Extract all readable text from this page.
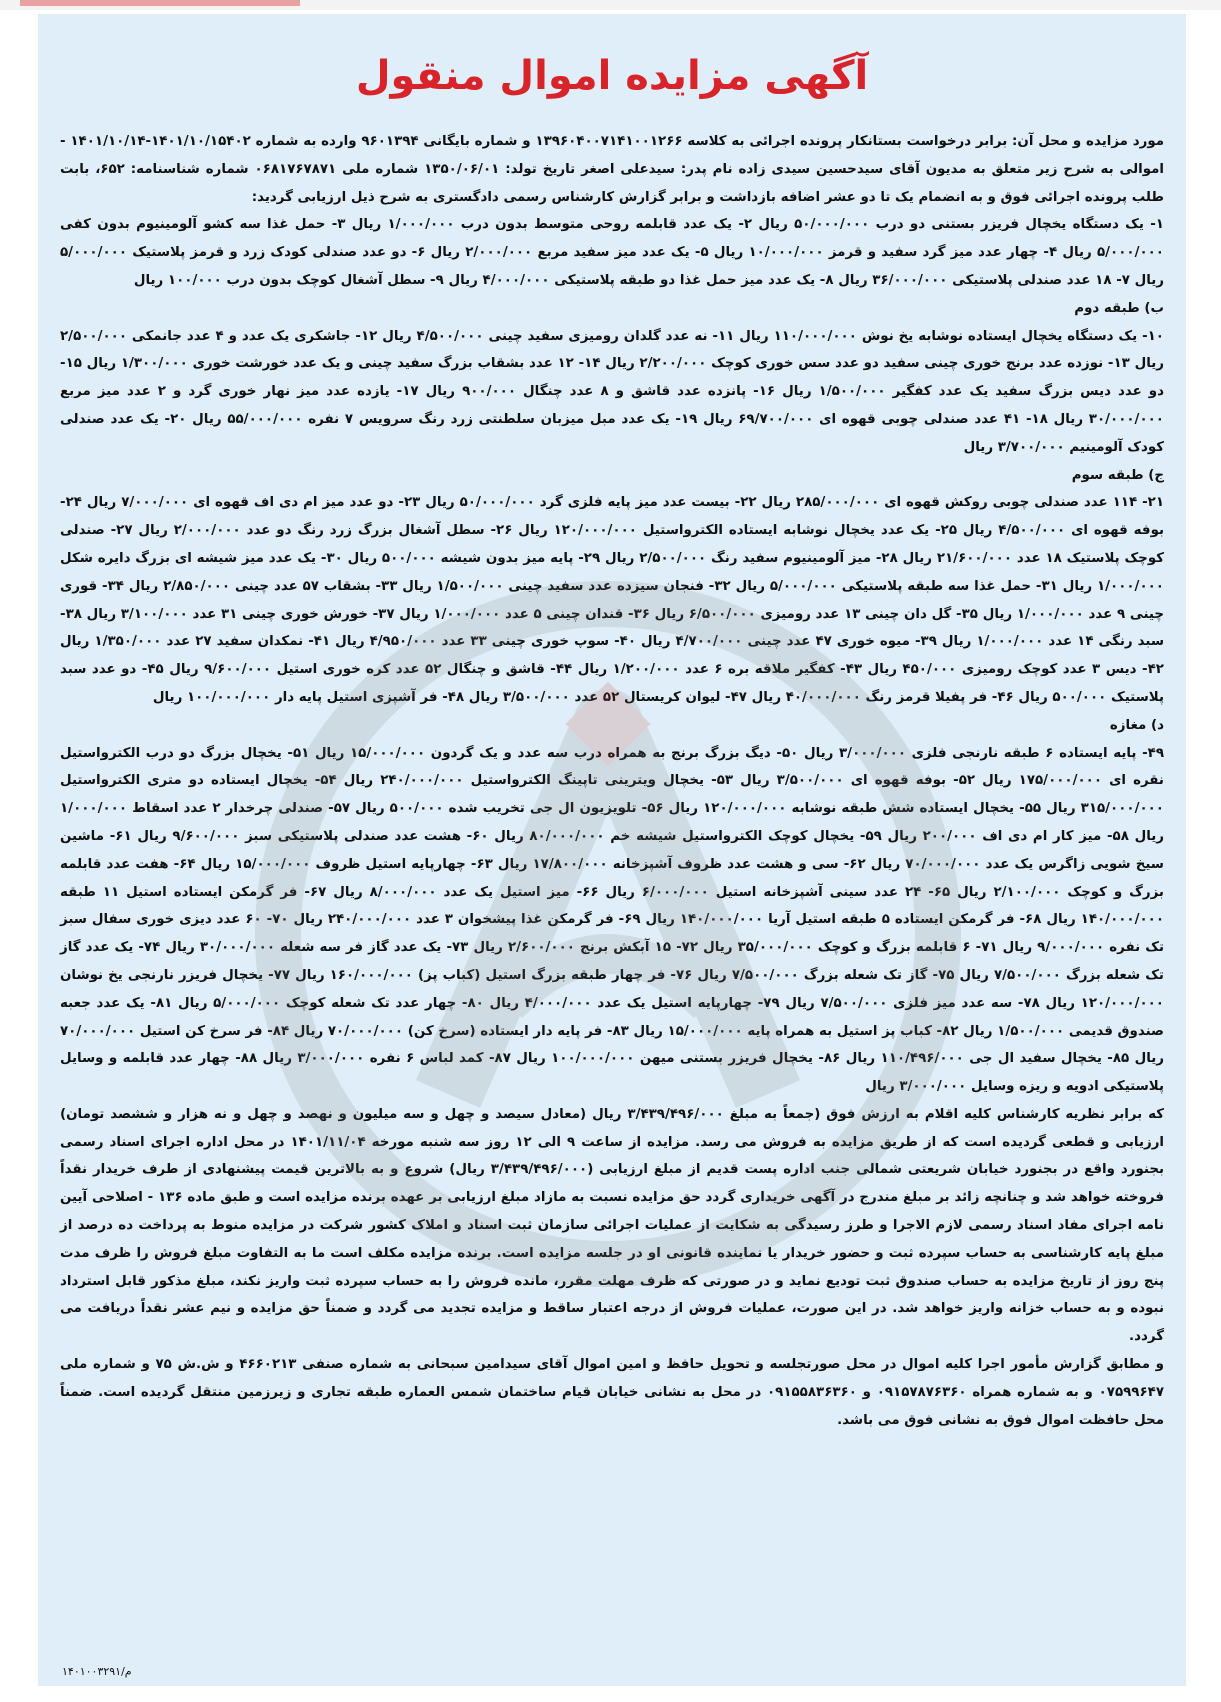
آگهی مزایده اموال منقول

مورد مزایده و محل آن: برابر درخواست بستانکار پرونده اجرائی به کلاسه ۱۳۹۶۰۴۰۰۷۱۴۱۰۰۱۲۶۶ و شماره بایگانی ۹۶۰۱۳۹۴ وارده به شماره ۱۴۰۱/۱۰/۱۵۴۰۲-۱۴۰۱/۱۰/۱۴ - اموالی به شرح زیر متعلق به مدیون آقای سیدحسین سیدی زاده نام پدر: سیدعلی اصغر تاریخ تولد: ۱۳۵۰/۰۶/۰۱ شماره ملی ۰۶۸۱۷۶۷۸۷۱ شماره شناسنامه: ۶۵۲، بابت طلب پرونده اجرائی فوق و به انضمام یک تا دو عشر اضافه بازداشت و برابر گزارش کارشناس رسمی دادگستری به شرح ذیل ارزیابی گردید:

۱- یک دستگاه یخچال فریزر بستنی دو درب ۵۰/۰۰۰/۰۰۰ ریال ۲- یک عدد قابلمه روحی متوسط بدون درب ۱/۰۰۰/۰۰۰ ریال ۳- حمل غذا سه کشو آلومینیوم بدون کفی ۵/۰۰۰/۰۰۰ ریال ۴- چهار عدد میز گرد سفید و قرمز ۱۰/۰۰۰/۰۰۰ ریال ۵- یک عدد میز سفید مربع ۲/۰۰۰/۰۰۰ ریال ۶- دو عدد صندلی کودک زرد و قرمز پلاستیک ۵/۰۰۰/۰۰۰ ریال ۷- ۱۸ عدد صندلی پلاستیکی ۳۶/۰۰۰/۰۰۰ ریال ۸- یک عدد میز حمل غذا دو طبقه پلاستیکی ۴/۰۰۰/۰۰۰ ریال ۹- سطل آشغال کوچک بدون درب ۱۰۰/۰۰۰ ریال

ب) طبقه دوم

۱۰- یک دستگاه یخچال ایستاده نوشابه یخ نوش ۱۱۰/۰۰۰/۰۰۰ ریال ۱۱- نه عدد گلدان رومیزی سفید چینی ۴/۵۰۰/۰۰۰ ریال ۱۲- جاشکری یک عدد و ۴ عدد جانمکی ۲/۵۰۰/۰۰۰ ریال ۱۳- نوزده عدد برنج خوری چینی سفید دو عدد سس خوری کوچک ۲/۲۰۰/۰۰۰ ریال ۱۴- ۱۲ عدد بشقاب بزرگ سفید چینی و یک عدد خورشت خوری ۱/۳۰۰/۰۰۰ ریال ۱۵- دو عدد دیس بزرگ سفید یک عدد کفگیر ۱/۵۰۰/۰۰۰ ریال ۱۶- پانزده عدد قاشق و ۸ عدد چنگال ۹۰۰/۰۰۰ ریال ۱۷- یازده عدد میز نهار خوری گرد و ۲ عدد میز مربع ۳۰/۰۰۰/۰۰۰ ریال ۱۸- ۴۱ عدد صندلی چوبی قهوه ای ۶۹/۷۰۰/۰۰۰ ریال ۱۹- یک عدد مبل میزبان سلطنتی زرد رنگ سرویس ۷ نفره ۵۵/۰۰۰/۰۰۰ ریال ۲۰- یک عدد صندلی کودک آلومینیم ۳/۷۰۰/۰۰۰ ریال

ج) طبقه سوم

۲۱- ۱۱۴ عدد صندلی چوبی روکش قهوه ای ۲۸۵/۰۰۰/۰۰۰ ریال ۲۲- بیست عدد میز پایه فلزی گرد ۵۰/۰۰۰/۰۰۰ ریال ۲۳- دو عدد میز ام دی اف قهوه ای ۷/۰۰۰/۰۰۰ ریال ۲۴- بوفه قهوه ای ۴/۵۰۰/۰۰۰ ریال ۲۵- یک عدد یخچال نوشابه ایستاده الکترواستیل ۱۲۰/۰۰۰/۰۰۰ ریال ۲۶- سطل آشغال بزرگ زرد رنگ دو عدد ۲/۰۰۰/۰۰۰ ریال ۲۷- صندلی کوچک پلاستیک ۱۸ عدد ۲۱/۶۰۰/۰۰۰ ریال ۲۸- میز آلومینیوم سفید رنگ ۲/۵۰۰/۰۰۰ ریال ۲۹- پایه میز بدون شیشه ۵۰۰/۰۰۰ ریال ۳۰- یک عدد میز شیشه ای بزرگ دایره شکل ۱/۰۰۰/۰۰۰ ریال ۳۱- حمل غذا سه طبقه پلاستیکی ۵/۰۰۰/۰۰۰ ریال ۳۲- فنجان سیزده عدد سفید چینی ۱/۵۰۰/۰۰۰ ریال ۳۳- بشقاب ۵۷ عدد چینی ۲/۸۵۰/۰۰۰ ریال ۳۴- قوری چینی ۹ عدد ۱/۰۰۰/۰۰۰ ریال ۳۵- گل دان چینی ۱۳ عدد رومیزی ۶/۵۰۰/۰۰۰ ریال ۳۶- قندان چینی ۵ عدد ۱/۰۰۰/۰۰۰ ریال ۳۷- خورش خوری چینی ۳۱ عدد ۳/۱۰۰/۰۰۰ ریال ۳۸- سبد رنگی ۱۴ عدد ۱/۰۰۰/۰۰۰ ریال ۳۹- میوه خوری ۴۷ عدد چینی ۴/۷۰۰/۰۰۰ ریال ۴۰- سوپ خوری چینی ۳۳ عدد ۴/۹۵۰/۰۰۰ ریال ۴۱- نمکدان سفید ۲۷ عدد ۱/۳۵۰/۰۰۰ ریال ۴۲- دیس ۳ عدد کوچک رومیزی ۴۵۰/۰۰۰ ریال ۴۳- کفگیر ملاقه بره ۶ عدد ۱/۲۰۰/۰۰۰ ریال ۴۴- قاشق و چنگال ۵۲ عدد کره خوری استیل ۹/۶۰۰/۰۰۰ ریال ۴۵- دو عدد سبد پلاستیک ۵۰۰/۰۰۰ ریال ۴۶- فر پفیلا قرمز رنگ ۴۰/۰۰۰/۰۰۰ ریال ۴۷- لیوان کریستال ۵۲ عدد ۳/۵۰۰/۰۰۰ ریال ۴۸- فر آشپزی استیل پایه دار ۱۰۰/۰۰۰/۰۰۰ ریال

د) مغازه

۴۹- پایه ایستاده ۶ طبقه نارنجی فلزی ۳/۰۰۰/۰۰۰ ریال ۵۰- دیگ بزرگ برنج به همراه درب سه عدد و یک گردون ۱۵/۰۰۰/۰۰۰ ریال ۵۱- یخچال بزرگ دو درب الکترواستیل نقره ای ۱۷۵/۰۰۰/۰۰۰ ریال ۵۲- بوفه قهوه ای ۳/۵۰۰/۰۰۰ ریال ۵۳- یخچال ویترینی تاپینگ الکترواستیل ۲۴۰/۰۰۰/۰۰۰ ریال ۵۴- یخچال ایستاده دو متری الکترواستیل ۳۱۵/۰۰۰/۰۰۰ ریال ۵۵- یخچال ایستاده شش طبقه نوشابه ۱۲۰/۰۰۰/۰۰۰ ریال ۵۶- تلویزیون ال جی تخریب شده ۵۰۰/۰۰۰ ریال ۵۷- صندلی چرخدار ۲ عدد اسقاط ۱/۰۰۰/۰۰۰ ریال ۵۸- میز کار ام دی اف ۲۰۰/۰۰۰ ریال ۵۹- یخچال کوچک الکترواستیل شیشه خم ۸۰/۰۰۰/۰۰۰ ریال ۶۰- هشت عدد صندلی پلاستیکی سبز ۹/۶۰۰/۰۰۰ ریال ۶۱- ماشین سیخ شویی زاگرس یک عدد ۷۰/۰۰۰/۰۰۰ ریال ۶۲- سی و هشت عدد ظروف آشپزخانه ۱۷/۸۰۰/۰۰۰ ریال ۶۳- چهارپایه استیل ظروف ۱۵/۰۰۰/۰۰۰ ریال ۶۴- هفت عدد قابلمه بزرگ و کوچک ۲/۱۰۰/۰۰۰ ریال ۶۵- ۲۴ عدد سینی آشپزخانه استیل ۶/۰۰۰/۰۰۰ ریال ۶۶- میز استیل یک عدد ۸/۰۰۰/۰۰۰ ریال ۶۷- فر گرمکن ایستاده استیل ۱۱ طبقه ۱۴۰/۰۰۰/۰۰۰ ریال ۶۸- فر گرمکن ایستاده ۵ طبقه استیل آریا ۱۴۰/۰۰۰/۰۰۰ ریال ۶۹- فر گرمکن غذا پیشخوان ۳ عدد ۲۴۰/۰۰۰/۰۰۰ ریال ۷۰- ۶۰ عدد دیزی خوری سفال سبز تک نفره ۹/۰۰۰/۰۰۰ ریال ۷۱- ۶ قابلمه بزرگ و کوچک ۳۵/۰۰۰/۰۰۰ ریال ۷۲- ۱۵ آبکش برنج ۲/۶۰۰/۰۰۰ ریال ۷۳- یک عدد گاز فر سه شعله ۳۰/۰۰۰/۰۰۰ ریال ۷۴- یک عدد گاز تک شعله بزرگ ۷/۵۰۰/۰۰۰ ریال ۷۵- گاز تک شعله بزرگ ۷/۵۰۰/۰۰۰ ریال ۷۶- فر چهار طبقه بزرگ استیل (کباب پز) ۱۶۰/۰۰۰/۰۰۰ ریال ۷۷- یخچال فریزر نارنجی یخ نوشان ۱۲۰/۰۰۰/۰۰۰ ریال ۷۸- سه عدد میز فلزی ۷/۵۰۰/۰۰۰ ریال ۷۹- چهارپایه استیل یک عدد ۴/۰۰۰/۰۰۰ ریال ۸۰- چهار عدد تک شعله کوچک ۵/۰۰۰/۰۰۰ ریال ۸۱- یک عدد جعبه صندوق قدیمی ۱/۵۰۰/۰۰۰ ریال ۸۲- کباب پز استیل به همراه پایه ۱۵/۰۰۰/۰۰۰ ریال ۸۳- فر پایه دار ایستاده (سرخ کن) ۷۰/۰۰۰/۰۰۰ ریال ۸۴- فر سرخ کن استیل ۷۰/۰۰۰/۰۰۰ ریال ۸۵- یخچال سفید ال جی ۱۱۰/۴۹۶/۰۰۰ ریال ۸۶- یخچال فریزر بستنی میهن ۱۰۰/۰۰۰/۰۰۰ ریال ۸۷- کمد لباس ۶ نفره ۳/۰۰۰/۰۰۰ ریال ۸۸- چهار عدد قابلمه و وسایل پلاستیکی ادویه و ریزه وسایل ۳/۰۰۰/۰۰۰ ریال

که برابر نظریه کارشناس کلیه اقلام به ارزش فوق (جمعاً به مبلغ ۳/۴۳۹/۴۹۶/۰۰۰ ریال (معادل سیصد و چهل و سه میلیون و نهصد و چهل و نه هزار و ششصد تومان) ارزیابی و قطعی گردیده است که از طریق مزایده به فروش می رسد. مزایده از ساعت ۹ الی ۱۲ روز سه شنبه مورخه ۱۴۰۱/۱۱/۰۴ در محل اداره اجرای اسناد رسمی بجنورد واقع در بجنورد خیابان شریعتی شمالی جنب اداره پست قدیم از مبلغ ارزیابی (۳/۴۳۹/۴۹۶/۰۰۰ ریال) شروع و به بالاترین قیمت پیشنهادی از طرف خریدار نقداً فروخته خواهد شد و چنانچه زائد بر مبلغ مندرج در آگهی خریداری گردد حق مزایده نسبت به مازاد مبلغ ارزیابی بر عهده برنده مزایده است و طبق ماده ۱۳۶ - اصلاحی آیین نامه اجرای مفاد اسناد رسمی لازم الاجرا و طرز رسیدگی به شکایت از عملیات اجرائی سازمان ثبت اسناد و املاک کشور شرکت در مزایده منوط به پرداخت ده درصد از مبلغ پایه کارشناسی به حساب سپرده ثبت و حضور خریدار یا نماینده قانونی او در جلسه مزایده است. برنده مزایده مکلف است ما به التفاوت مبلغ فروش را ظرف مدت پنج روز از تاریخ مزایده به حساب صندوق ثبت تودیع نماید و در صورتی که ظرف مهلت مقرر، مانده فروش را به حساب سپرده ثبت واریز نکند، مبلغ مذکور قابل استرداد نبوده و به حساب خزانه واریز خواهد شد. در این صورت، عملیات فروش از درجه اعتبار ساقط و مزایده تجدید می گردد و ضمناً حق مزایده و نیم عشر نقداً دریافت می گردد.

و مطابق گزارش مأمور اجرا کلیه اموال در محل صورتجلسه و تحویل حافظ و امین اموال آقای سیدامین سبحانی به شماره صنفی ۴۶۶۰۲۱۳ و ش.ش ۷۵ و شماره ملی ۰۷۵۹۹۶۴۷ و به شماره همراه ۰۹۱۵۷۸۷۶۳۶۰ و ۰۹۱۵۵۸۳۶۳۶۰ در محل به نشانی خیابان قیام ساختمان شمس العماره طبقه تجاری و زیرزمین منتقل گردیده است. ضمناً محل حافظت اموال فوق به نشانی فوق می باشد.

م/۱۴۰۱۰۰۳۲۹۱
